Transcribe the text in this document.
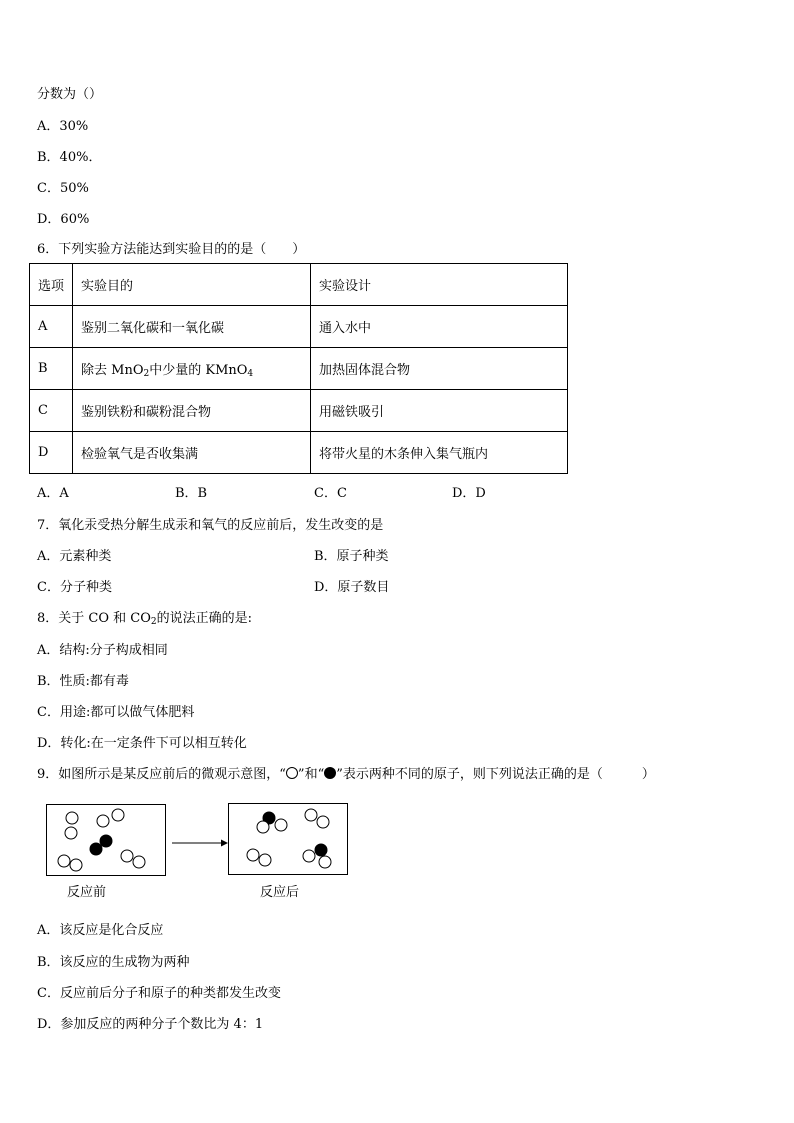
分数为（）
A．30%
B．40%．
C．50%
D．60%
6．下列实验方法能达到实验目的的是（　　）
选项	实验目的	实验设计
A	鉴别二氧化碳和一氧化碳	通入水中
B	除去 MnO$_2$中少量的 KMnO$_4$	加热固体混合物
C	鉴别铁粉和碳粉混合物	用磁铁吸引
D	检验氧气是否收集满	将带火星的木条伸入集气瓶内
A．A	B．B	C．C	D．D
7．氧化汞受热分解生成汞和氧气的反应前后，发生改变的是
A．元素种类	B．原子种类
C．分子种类	D．原子数目
8．关于 CO 和 $CO_2$的说法正确的是:
A．结构:分子构成相同
B．性质:都有毒
C．用途:都可以做气体肥料
D．转化:在一定条件下可以相互转化
9．如图所示是某反应前后的微观示意图，“ ”和“ ”表示两种不同的原子，则下列说法正确的是（　　　）
反应前	反应后
A．该反应是化合反应
B．该反应的生成物为两种
C．反应前后分子和原子的种类都发生改变
D．参加反应的两种分子个数比为 4：1
